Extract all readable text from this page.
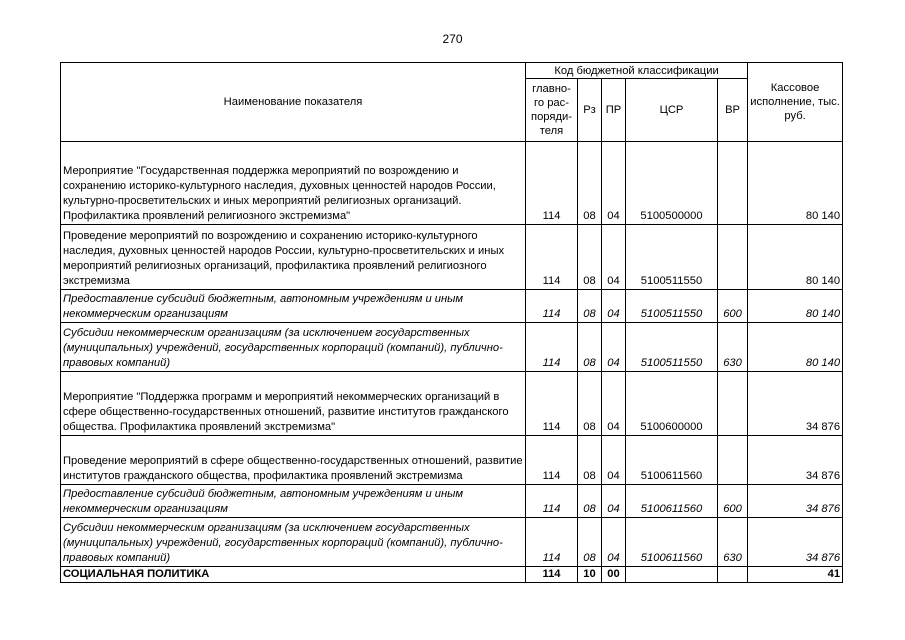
270
Наименование показателя	Код бюджетной классификации					Кассовое исполнение, тыс. руб.
	главно-го рас-поряди-теля	Рз	ПР	ЦСР	ВР	
Мероприятие "Государственная поддержка мероприятий по возрождению и сохранению историко-культурного наследия, духовных ценностей народов России, культурно-просветительских и иных мероприятий религиозных организаций. Профилактика проявлений религиозного экстремизма"	114	08	04	5100500000		80 140
Проведение мероприятий по возрождению и сохранению историко-культурного наследия, духовных ценностей народов России, культурно-просветительских и иных мероприятий религиозных организаций, профилактика проявлений религиозного экстремизма	114	08	04	5100511550		80 140
Предоставление субсидий бюджетным, автономным учреждениям и иным некоммерческим организациям	114	08	04	5100511550	600	80 140
Субсидии некоммерческим организациям (за исключением государственных (муниципальных) учреждений, государственных корпораций (компаний), публично-правовых компаний)	114	08	04	5100511550	630	80 140
Мероприятие "Поддержка программ и мероприятий некоммерческих организаций в сфере общественно-государственных отношений, развитие институтов гражданского общества. Профилактика проявлений экстремизма"	114	08	04	5100600000		34 876
Проведение мероприятий в сфере общественно-государственных отношений, развитие институтов гражданского общества, профилактика проявлений экстремизма	114	08	04	5100611560		34 876
Предоставление субсидий бюджетным, автономным учреждениям и иным некоммерческим организациям	114	08	04	5100611560	600	34 876
Субсидии некоммерческим организациям (за исключением государственных (муниципальных) учреждений, государственных корпораций (компаний), публично-правовых компаний)	114	08	04	5100611560	630	34 876
СОЦИАЛЬНАЯ ПОЛИТИКА	114	10	00			41
